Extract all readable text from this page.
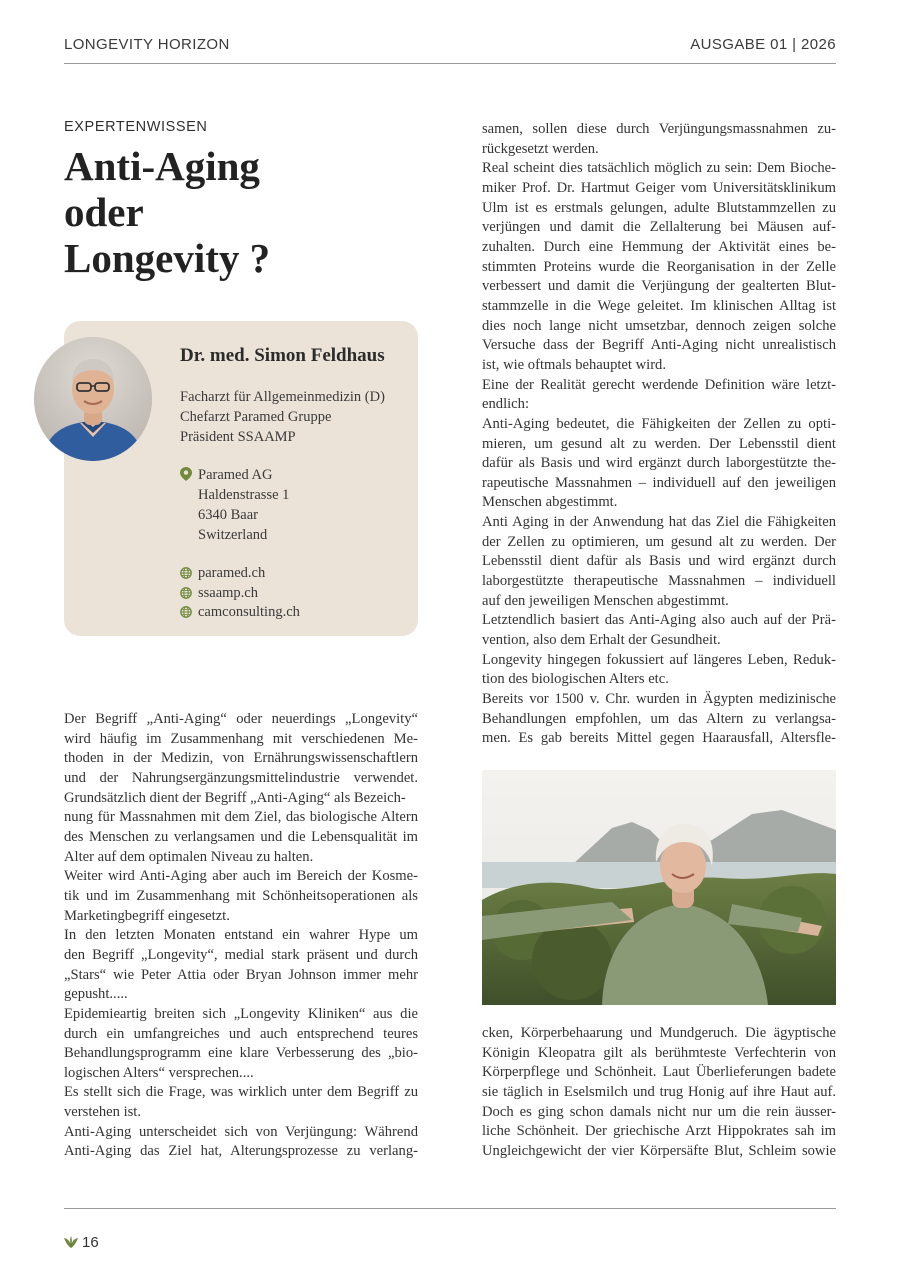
LONGEVITY HORIZON	AUSGABE 01 | 2026
EXPERTENWISSEN
Anti-Aging
oder
Longevity ?
Dr. med. Simon Feldhaus
Facharzt für Allgemeinmedizin (D)
Chefarzt Paramed Gruppe
Präsident SSAAMP
Paramed AG
Haldenstrasse 1
6340 Baar
Switzerland
paramed.ch
ssaamp.ch
camconsulting.ch

Der Begriff „Anti-Aging“ oder neuerdings „Longevity“

wird häufig im Zusammenhang mit verschiedenen Me-

thoden in der Medizin, von Ernährungswissenschaftlern

und der Nahrungsergänzungsmittelindustrie verwendet.

Grundsätzlich dient der Begriff „Anti-Aging“ als Bezeich-

nung für Massnahmen mit dem Ziel, das biologische Altern

des Menschen zu verlangsamen und die Lebensqualität im

Alter auf dem optimalen Niveau zu halten.

Weiter wird Anti-Aging aber auch im Bereich der Kosme-

tik und im Zusammenhang mit Schönheitsoperationen als

Marketingbegriff eingesetzt.

In den letzten Monaten entstand ein wahrer Hype um

den Begriff „Longevity“, medial stark präsent und durch

„Stars“ wie Peter Attia oder Bryan Johnson immer mehr

gepusht.....

Epidemieartig breiten sich „Longevity Kliniken“ aus die

durch ein umfangreiches und auch entsprechend teures

Behandlungsprogramm eine klare Verbesserung des „bio-

logischen Alters“ versprechen....

Es stellt sich die Frage, was wirklich unter dem Begriff zu

verstehen ist.

Anti-Aging unterscheidet sich von Verjüngung: Während

Anti-Aging das Ziel hat, Alterungsprozesse zu verlang-

samen, sollen diese durch Verjüngungsmassnahmen zu-

rückgesetzt werden.

Real scheint dies tatsächlich möglich zu sein: Dem Bioche-

miker Prof. Dr. Hartmut Geiger vom Universitätsklinikum

Ulm ist es erstmals gelungen, adulte Blutstammzellen zu

verjüngen und damit die Zellalterung bei Mäusen auf-

zuhalten. Durch eine Hemmung der Aktivität eines be-

stimmten Proteins wurde die Reorganisation in der Zelle

verbessert und damit die Verjüngung der gealterten Blut-

stammzelle in die Wege geleitet. Im klinischen Alltag ist

dies noch lange nicht umsetzbar, dennoch zeigen solche

Versuche dass der Begriff Anti-Aging nicht unrealistisch

ist, wie oftmals behauptet wird.

Eine der Realität gerecht werdende Definition wäre letzt-

endlich:

Anti-Aging bedeutet, die Fähigkeiten der Zellen zu opti-

mieren, um gesund alt zu werden. Der Lebensstil dient

dafür als Basis und wird ergänzt durch laborgestützte the-

rapeutische Massnahmen – individuell auf den jeweiligen

Menschen abgestimmt.

Anti Aging in der Anwendung hat das Ziel die Fähigkeiten

der Zellen zu optimieren, um gesund alt zu werden. Der

Lebensstil dient dafür als Basis und wird ergänzt durch

laborgestützte therapeutische Massnahmen – individuell

auf den jeweiligen Menschen abgestimmt.

Letztendlich basiert das Anti-Aging also auch auf der Prä-

vention, also dem Erhalt der Gesundheit.

Longevity hingegen fokussiert auf längeres Leben, Reduk-

tion des biologischen Alters etc.

Bereits vor 1500 v. Chr. wurden in Ägypten medizinische

Behandlungen empfohlen, um das Altern zu verlangsa-

men. Es gab bereits Mittel gegen Haarausfall, Altersfle-

cken, Körperbehaarung und Mundgeruch. Die ägyptische

Königin Kleopatra gilt als berühmteste Verfechterin von

Körperpflege und Schönheit. Laut Überlieferungen badete

sie täglich in Eselsmilch und trug Honig auf ihre Haut auf.

Doch es ging schon damals nicht nur um die rein äusser-

liche Schönheit. Der griechische Arzt Hippokrates sah im

Ungleichgewicht der vier Körpersäfte Blut, Schleim sowie

16
